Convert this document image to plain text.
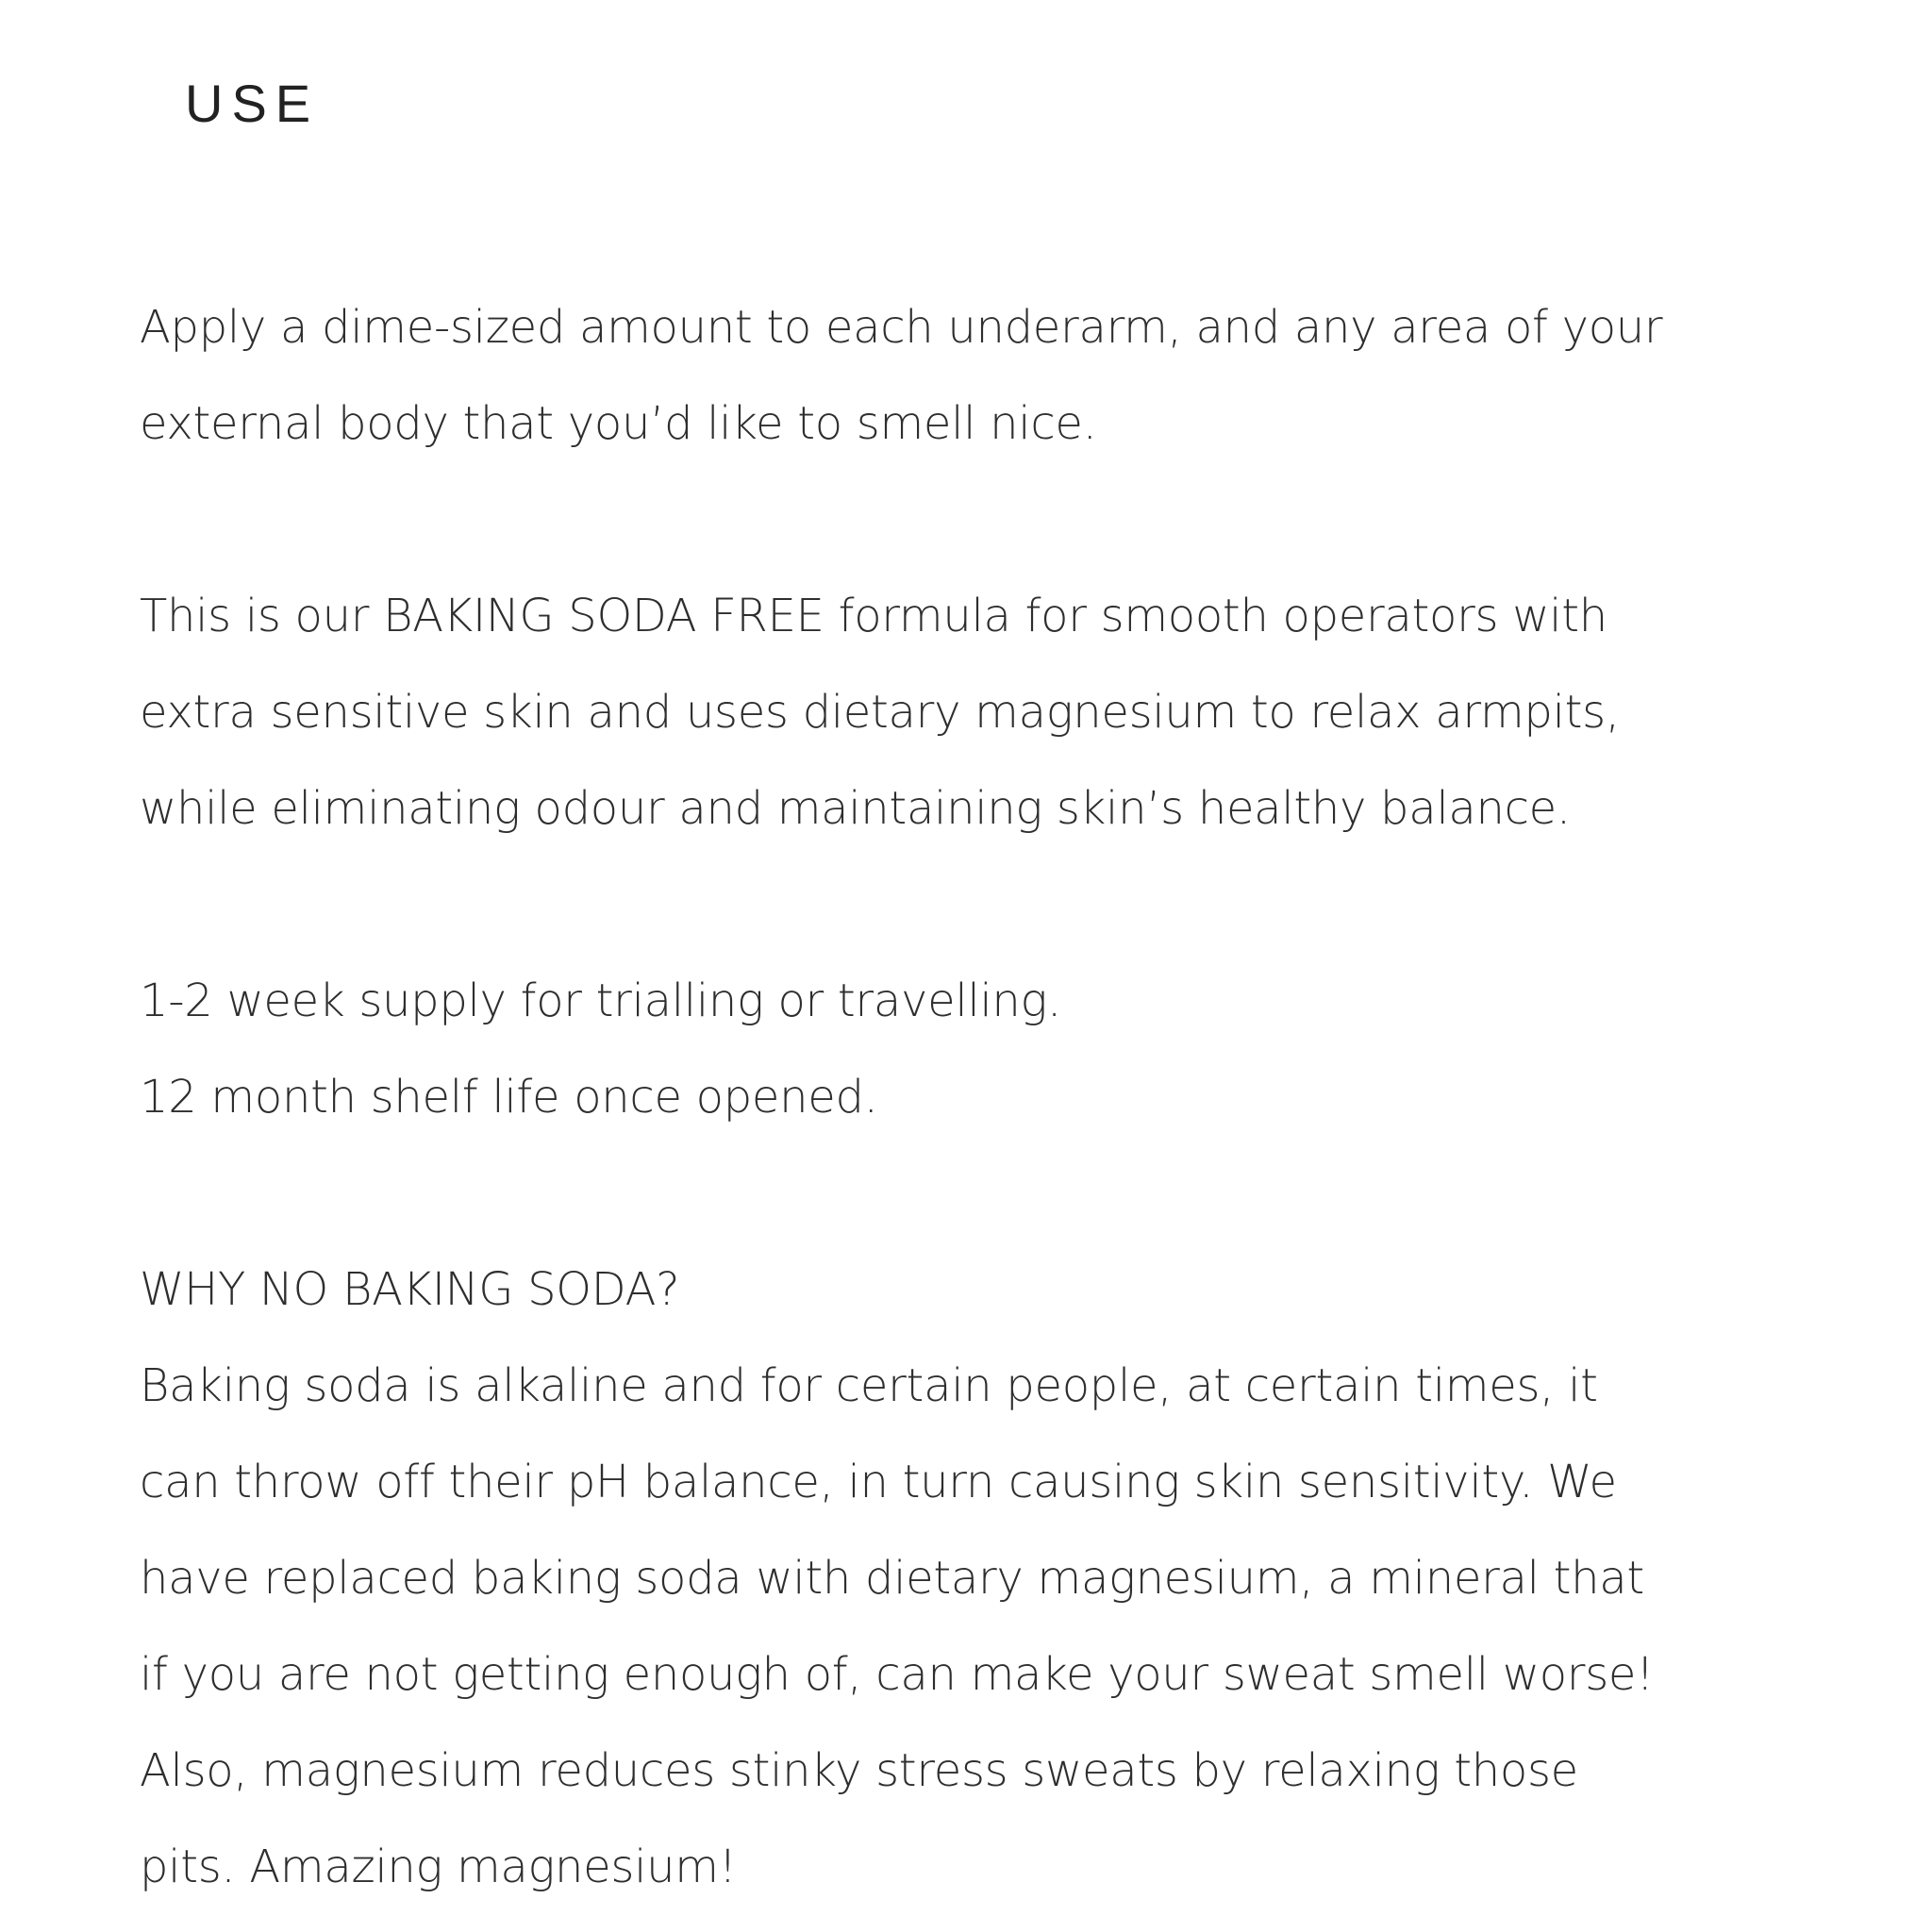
USE
Apply a dime-sized amount to each underarm, and any area of your
external body that you’d like to smell nice.
This is our BAKING SODA FREE formula for smooth operators with
extra sensitive skin and uses dietary magnesium to relax armpits,
while eliminating odour and maintaining skin’s healthy balance.
1-2 week supply for trialling or travelling.
12 month shelf life once opened.
WHY NO BAKING SODA?
Baking soda is alkaline and for certain people, at certain times, it
can throw off their pH balance, in turn causing skin sensitivity. We
have replaced baking soda with dietary magnesium, a mineral that
if you are not getting enough of, can make your sweat smell worse!
Also, magnesium reduces stinky stress sweats by relaxing those
pits. Amazing magnesium!
